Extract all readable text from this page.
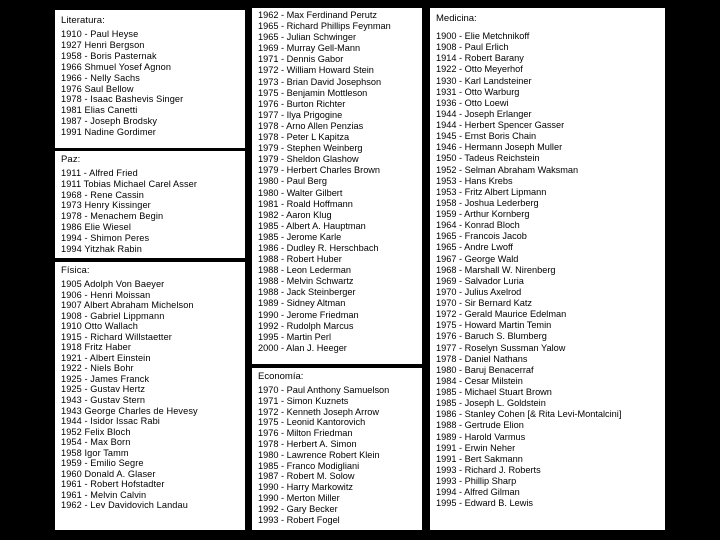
Literatura:
1910 - Paul Heyse
1927 Henri Bergson
1958 - Boris Pasternak
1966 Shmuel Yosef Agnon
1966 - Nelly Sachs
1976 Saul Bellow
1978 - Isaac Bashevis Singer
1981 Elias Canetti
1987 - Joseph Brodsky
1991 Nadine Gordimer
Paz:
1911 - Alfred Fried
1911 Tobias Michael Carel Asser
1968 - Rene Cassin
1973 Henry Kissinger
1978 - Menachem Begin
1986 Elie Wiesel
1994 - Shimon Peres
1994 Yitzhak Rabin
Física:
1905 Adolph Von Baeyer
1906 - Henri Moissan
1907 Albert Abraham Michelson
1908 - Gabriel Lippmann
1910 Otto Wallach
1915 - Richard Willstaetter
1918 Fritz Haber
1921 - Albert Einstein
1922 - Niels Bohr
1925 - James Franck
1925 - Gustav Hertz
1943 - Gustav Stern
1943 George Charles de Hevesy
1944 - Isidor Issac Rabi
1952 Felix Bloch
1954 - Max Born
1958 Igor Tamm
1959 - Emilio Segre
1960 Donald A. Glaser
1961 - Robert Hofstadter
1961 - Melvin Calvin
1962 - Lev Davidovich Landau
1962 - Max Ferdinand Perutz
1965 - Richard Phillips Feynman
1965 - Julian Schwinger
1969 - Murray Gell-Mann
1971 - Dennis Gabor
1972 - William Howard Stein
1973 - Brian David Josephson
1975 - Benjamin Mottleson
1976 - Burton Richter
1977 - Ilya Prigogine
1978 - Arno Allen Penzias
1978 - Peter L Kapitza
1979 - Stephen Weinberg
1979 - Sheldon Glashow
1979 - Herbert Charles Brown
1980 - Paul Berg
1980 - Walter Gilbert
1981 - Roald Hoffmann
1982 - Aaron Klug
1985 - Albert A. Hauptman
1985 - Jerome Karle
1986 - Dudley R. Herschbach
1988 - Robert Huber
1988 - Leon Lederman
1988 - Melvin Schwartz
1988 - Jack Steinberger
1989 - Sidney Altman
1990 - Jerome Friedman
1992 - Rudolph Marcus
1995 - Martin Perl
2000 - Alan J. Heeger
Economía:
1970 - Paul Anthony Samuelson
1971 - Simon Kuznets
1972 - Kenneth Joseph Arrow
1975 - Leonid Kantorovich
1976 - Milton Friedman
1978 - Herbert A. Simon
1980 - Lawrence Robert Klein
1985 - Franco Modigliani
1987 - Robert M. Solow
1990 - Harry Markowitz
1990 - Merton Miller
1992 - Gary Becker
1993 - Robert Fogel
Medicina:
1900 - Elie Metchnikoff
1908 - Paul Erlich
1914 - Robert Barany
1922 - Otto Meyerhof
1930 - Karl Landsteiner
1931 - Otto Warburg
1936 - Otto Loewi
1944 - Joseph Erlanger
1944 - Herbert Spencer Gasser
1945 - Ernst Boris Chain
1946 - Hermann Joseph Muller
1950 - Tadeus Reichstein
1952 - Selman Abraham Waksman
1953 - Hans Krebs
1953 - Fritz Albert Lipmann
1958 - Joshua Lederberg
1959 - Arthur Kornberg
1964 - Konrad Bloch
1965 - Francois Jacob
1965 - Andre Lwoff
1967 - George Wald
1968 - Marshall W. Nirenberg
1969 - Salvador Luria
1970 - Julius Axelrod
1970 - Sir Bernard Katz
1972 - Gerald Maurice Edelman
1975 - Howard Martin Temin
1976 - Baruch S. Blumberg
1977 - Roselyn Sussman Yalow
1978 - Daniel Nathans
1980 - Baruj Benacerraf
1984 - Cesar Milstein
1985 - Michael Stuart Brown
1985 - Joseph L. Goldstein
1986 - Stanley Cohen [& Rita Levi-Montalcini]
1988 - Gertrude Elion
1989 - Harold Varmus
1991 - Erwin Neher
1991 - Bert Sakmann
1993 - Richard J. Roberts
1993 - Phillip Sharp
1994 - Alfred Gilman
1995 - Edward B. Lewis
